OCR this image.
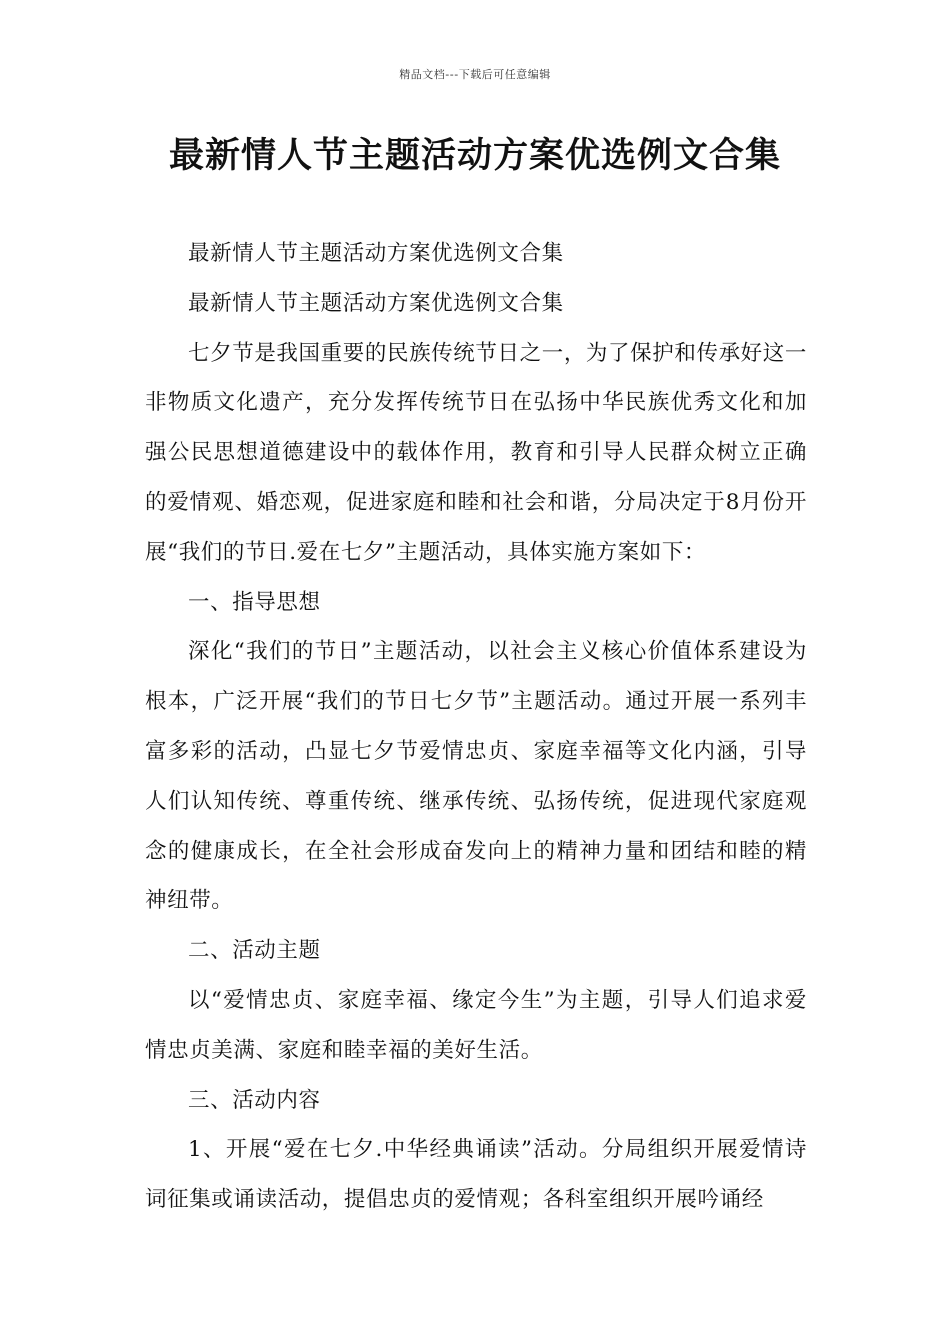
精品文档---下载后可任意编辑
最新情人节主题活动方案优选例文合集

最新情人节主题活动方案优选例文合集

最新情人节主题活动方案优选例文合集

七夕节是我国重要的民族传统节日之一，为了保护和传承好这一非物质文化遗产，充分发挥传统节日在弘扬中华民族优秀文化和加强公民思想道德建设中的载体作用，教育和引导人民群众树立正确的爱情观、婚恋观，促进家庭和睦和社会和谐，分局决定于8月份开展“我们的节日.爱在七夕”主题活动，具体实施方案如下：

一、指导思想

深化“我们的节日”主题活动，以社会主义核心价值体系建设为根本，广泛开展“我们的节日七夕节”主题活动。通过开展一系列丰富多彩的活动，凸显七夕节爱情忠贞、家庭幸福等文化内涵，引导人们认知传统、尊重传统、继承传统、弘扬传统，促进现代家庭观念的健康成长，在全社会形成奋发向上的精神力量和团结和睦的精神纽带。

二、活动主题

以“爱情忠贞、家庭幸福、缘定今生”为主题，引导人们追求爱情忠贞美满、家庭和睦幸福的美好生活。

三、活动内容

1、开展“爱在七夕.中华经典诵读”活动。分局组织开展爱情诗词征集或诵读活动，提倡忠贞的爱情观；各科室组织开展吟诵经
